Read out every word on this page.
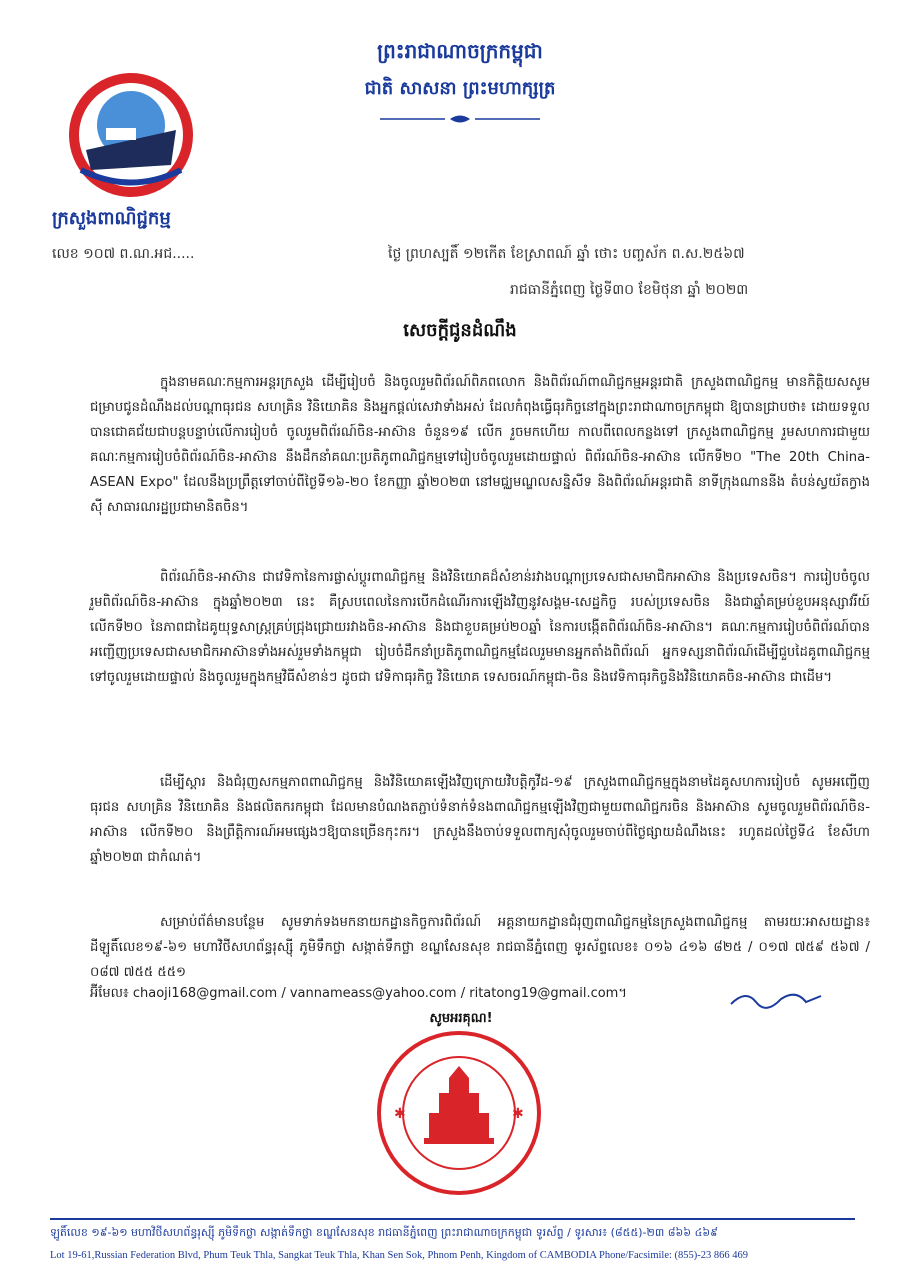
ក្រសួងពាណិជ្ជកម្ម
លេខ ១០៧ ព.ណ.អជ.....
ព្រះរាជាណាចក្រកម្ពុជា
ជាតិ សាសនា ព្រះមហាក្សត្រ
ថ្ងៃ ព្រហស្បតិ៍ ១២កើត ខែស្រាពណ៍ ឆ្នាំ ថោះ បញ្ចស័ក ព.ស.២៥៦៧
រាជធានីភ្នំពេញ ថ្ងៃទី៣០ ខែមិថុនា ឆ្នាំ ២០២៣
សេចក្តីជូនដំណឹង
ក្នុងនាមគណៈកម្មការអន្តរក្រសួង ដើម្បីរៀបចំ និងចូលរួមពិព័រណ៍ពិភពលោក និងពិព័រណ៍ពាណិជ្ជកម្មអន្តរជាតិ ក្រសួងពាណិជ្ជកម្ម មានកិត្តិយសសូមជម្រាបជូនដំណឹងដល់បណ្ដាធុរជន សហគ្រិន វិនិយោគិន និងអ្នកផ្ដល់សេវាទាំងអស់ ដែលកំពុងធ្វើធុរកិច្ចនៅក្នុងព្រះរាជាណាចក្រកម្ពុជា ឱ្យបានជ្រាបថា៖ ដោយទទួលបានជោគជ័យជាបន្តបន្ទាប់លើការរៀបចំ ចូលរួមពិព័រណ៍ចិន-អាស៊ាន ចំនួន១៩ លើក រួចមកហើយ កាលពីពេលកន្លងទៅ ក្រសួងពាណិជ្ជកម្ម រួមសហការជាមួយគណៈកម្មការរៀបចំពិព័រណ៍ចិន-អាស៊ាន នឹងដឹកនាំគណៈប្រតិភូពាណិជ្ជកម្មទៅរៀបចំចូលរួមដោយផ្ទាល់ ពិព័រណ៍ចិន-អាស៊ាន លើកទី២០ "The 20th China-ASEAN Expo" ដែលនឹងប្រព្រឹត្តទៅចាប់ពីថ្ងៃទី១៦-២០ ខែកញ្ញា ឆ្នាំ២០២៣ នៅមជ្ឈមណ្ឌលសន្និសីទ និងពិព័រណ៍អន្តរជាតិ នាទីក្រុងណាននីង តំបន់ស្វយ័តក្វាងស៊ី សាធារណរដ្ឋប្រជាមានិតចិន។
ពិព័រណ៍ចិន-អាស៊ាន ជាវេទិកានៃការផ្លាស់ប្ដូរពាណិជ្ជកម្ម និងវិនិយោគដ៏សំខាន់រវាងបណ្ដាប្រទេសជាសមាជិកអាស៊ាន និងប្រទេសចិន។ ការរៀបចំចូលរួមពិព័រណ៍ចិន-អាស៊ាន ក្នុងឆ្នាំ២០២៣ នេះ គឺស្របពេលនៃការបើកដំណើរការឡើងវិញនូវសង្គម-សេដ្ឋកិច្ច របស់ប្រទេសចិន និងជាឆ្នាំគម្រប់ខួបអនុស្សាវរីយ៍លើកទី២០ នៃភាពជាដៃគូយុទ្ធសាស្ត្រគ្រប់ជ្រុងជ្រោយរវាងចិន-អាស៊ាន និងជាខួបគម្រប់២០ឆ្នាំ នៃការបង្កើតពិព័រណ៍ចិន-អាស៊ាន។ គណៈកម្មការរៀបចំពិព័រណ៍បានអញ្ជើញប្រទេសជាសមាជិកអាស៊ានទាំងអស់រួមទាំងកម្ពុជា រៀបចំដឹកនាំប្រតិភូពាណិជ្ជកម្មដែលរួមមានអ្នកតាំងពិព័រណ៍ អ្នកទស្សនាពិព័រណ៍ដើម្បីជួបដៃគូពាណិជ្ជកម្ម ទៅចូលរួមដោយផ្ទាល់ និងចូលរួមក្នុងកម្មវិធីសំខាន់ៗ ដូចជា វេទិកាធុរកិច្ច វិនិយោគ ទេសចរណ៍កម្ពុជា-ចិន និងវេទិកាធុរកិច្ចនិងវិនិយោគចិន-អាស៊ាន ជាដើម។
ដើម្បីស្ដារ និងជំរុញសកម្មភាពពាណិជ្ជកម្ម និងវិនិយោគឡើងវិញក្រោយវិបត្តិកូវីដ-១៩ ក្រសួងពាណិជ្ជកម្មក្នុងនាមដៃគូសហការរៀបចំ សូមអញ្ជើញធុរជន សហគ្រិន វិនិយោគិន និងផលិតករកម្ពុជា ដែលមានបំណងតភ្ជាប់ទំនាក់ទំនងពាណិជ្ជកម្មឡើងវិញជាមួយពាណិជ្ជករចិន និងអាស៊ាន សូមចូលរួមពិព័រណ៍ចិន-អាស៊ាន លើកទី២០ និងព្រឹត្តិការណ៍អមផ្សេងៗឱ្យបានច្រើនកុះករ។ ក្រសួងនឹងចាប់ទទួលពាក្យសុំចូលរួមចាប់ពីថ្ងៃផ្សាយដំណឹងនេះ រហូតដល់ថ្ងៃទី៤ ខែសីហា ឆ្នាំ២០២៣ ជាកំណត់។
សម្រាប់ព័ត៌មានបន្ថែម សូមទាក់ទងមកនាយកដ្ឋានកិច្ចការពិព័រណ៍ អគ្គនាយកដ្ឋានជំរុញពាណិជ្ជកម្មនៃក្រសួងពាណិជ្ជកម្ម តាមរយៈអាសយដ្ឋាន៖ ដីឡូតិ៍លេខ១៩-៦១ មហាវិថីសហព័ន្ធរុស្ស៊ី ភូមិទឹកថ្លា សង្កាត់ទឹកថ្លា ខណ្ឌសែនសុខ រាជធានីភ្នំពេញ ទូរស័ព្ទលេខ៖ ០១៦ ៤១៦ ៨២៥ / ០១៧ ៧៥៩ ៥៦៧ / ០៨៧ ៧៥៥ ៥៥១
អ៊ីមែល៖ chaoji168@gmail.com / vannameass@yahoo.com / ritatong19@gmail.com។
សូមអរគុណ!
✱	✱
ឡូតិ៍លេខ ១៩-៦១ មហាវិថីសហព័ន្ធរុស្ស៊ី ភូមិទឹកថ្លា សង្កាត់ទឹកថ្លា ខណ្ឌសែនសុខ រាជធានីភ្នំពេញ ព្រះរាជាណាចក្រកម្ពុជា ទូរស័ព្ទ / ទូរសារ៖ (៨៥៥)-២៣ ៨៦៦ ៤៦៩
Lot 19-61,Russian Federation Blvd, Phum Teuk Thla, Sangkat Teuk Thla, Khan Sen Sok, Phnom Penh, Kingdom of CAMBODIA Phone/Facsimile: (855)-23 866 469
